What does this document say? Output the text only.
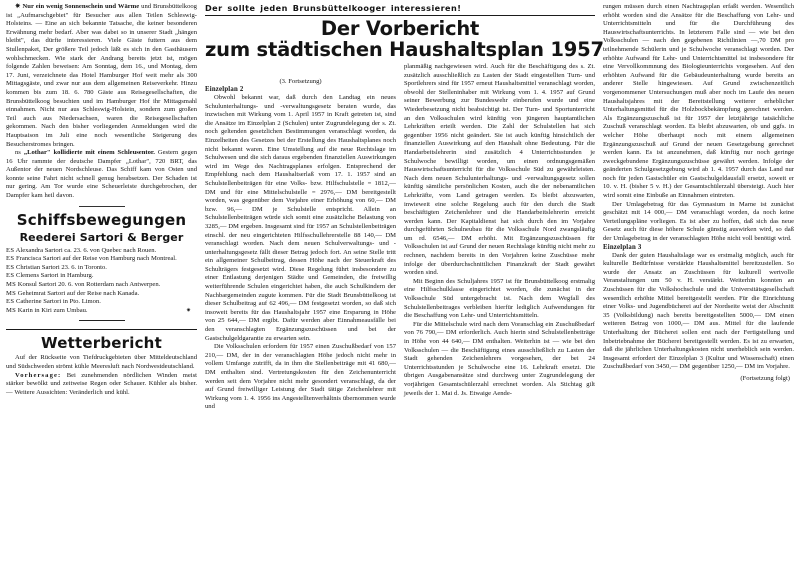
✷ Nur ein wenig Sonnenschein und Wärme und Brunsbüttelkoog ist „Aufmarschgebiet" für Besucher aus allen Teilen Schleswig-Holsteins. — Eine an sich bekannte Tatsache, die keiner besonderen Erwähnung mehr bedarf. Aber was dabei so in unserer Stadt „hängen bleibt", das dürfte interessieren. Viele Gäste futtern aus dem Stullenpaket, Der größere Teil jedoch läßt es sich in den Gasthäusern wohlschmecken. Wie stark der Andrang bereits jetzt ist, mögen folgende Zahlen beweisen: Am Sonntag, dem 16., und Montag, dem 17. Juni, verzeichnete das Hotel Hamburger Hof weit mehr als 300 Mittagsgäste, und zwar nur aus dem allgemeinen Reiseverkehr. Hinzu kommen bis zum 18. 6. 780 Gäste aus Reisegesellschaften, die Brunsbüttelkoog besuchten und im Hamburger Hof ihr Mittagsmahl einnahmen. Nicht nur aus Schleswig-Holstein, sondern zum großen Teil auch aus Niedersachsen, waren die Reisegesellschaften gekommen. Nach den bisher vorliegenden Anmeldungen wird die Hauptsaison im Juli eine noch wesentliche Steigerung des Besucherstromes bringen.

ns „Lothar" kollidierte mit einem Schleusentor. Gestern gegen 16 Uhr rammte der deutsche Dampfer „Lothar", 720 BRT, das Außentor der neuen Nordschleuse. Das Schiff kam von Osten und konnte seine Fahrt nicht schnell genug herabsetzen. Der Schaden ist nur gering. Am Tor wurde eine Scheuerleiste durchgebrochen, der Dampfer kam heil davon.

Schiffsbewegungen
Reederei Sartori & Berger
ES Alexandra Sartori ca. 23. 6. von Quebec nach Rouen.
ES Franciscа Sartori auf der Reise von Hamburg nach Montreal.
ES Christian Sartori 23. 6. in Toronto.
ES Clemens Sartori in Hamburg.
MS Konsul Sartori 20. 6. von Rotterdam nach Antwerpen.
MS Geheimrat Sartori auf der Reise nach Kanada.
ES Catherine Sartori in Pto. Limon.
MS Karin in Kiri zum Umbau.	✷
Wetterbericht

Auf der Rückseite von Tiefdruckgebieten über Mitteldeutschland und Südschweden strömt kühle Meeresluft nach Nordwestdeutschland.

Vorhersage: Bei zunehmenden nördlichen Winden meist stärker bewölkt und zeitweise Regen oder Schauer. Kühler als bisher. — Weitere Aussichten: Veränderlich und kühl.

(3. Fortsetzung)

Einzelplan 2

Obwohl bekannt war, daß durch den Landtag ein neues Schulunterhaltungs- und -verwaltungsgesetz beraten wurde, das inzwischen mit Wirkung vom 1. April 1957 in Kraft getreten ist, sind die Ansätze im Einzelplan 2 (Schulen) unter Zugrundelegung der s. Zt. noch geltenden gesetzlichen Bestimmungen veranschlagt worden, da Einzelheiten des Gesetzes bei der Erstellung des Haushaltsplanes noch nicht bekannt waren. Eine Umstellung auf die neue Rechtslage im Schulwesen und die sich daraus ergebenden finanziellen Auswirkungen wird im Wege des Nachtragsplanes erfolgen. Entsprechend der Empfehlung nach dem Haushaltserlaß vom 17. 1. 1957 sind an Schulstellenbeiträgen für eine Volks- bzw. Hilfschulstelle = 1812,— DM und für eine Mittelschulstelle = 2976,— DM bereitgestellt worden, was gegenüber dem Vorjahre einer Erhöhung von 60,— DM bzw. 96,— DM je Schulstelle entspricht. Allein an Schulstellenbeiträgen würde sich somit eine zusätzliche Belastung von 3285,— DM ergeben. Insgesamt sind für 1957 an Schulstellenbeiträgen einschl. der neu eingerichteten Hilfsschullehrerstelle 88 140,— DM veranschlagt worden. Nach dem neuen Schulverwaltungs- und -unterhaltungsgesetz fällt dieser Betrag jedoch fort. An seine Stelle tritt ein allgemeiner Schulbeitrag, dessen Höhe nach der Steuerkraft des Schulträgers festgesetzt wird. Diese Regelung führt insbesondere zu einer Entlastung derjenigen Städte und Gemeinden, die freiwillig weiterführende Schulen eingerichtet haben, die auch Schulkindern der Nachbargemeinden zugute kommen. Für die Stadt Brunsbüttelkoog ist dieser Schulbeitrag auf 62 496,— DM festgesetzt worden, so daß sich insoweit bereits für das Haushaltsjahr 1957 eine Ersparung in Höhe von 25 644,— DM ergibt. Dafür werden aber Einnahmeausfälle bei den veranschlagten Ergänzungszuschüssen und bei der Gastschulgeldgarantie zu erwarten sein.

Die Volksschulen erfordern für 1957 einen Zuschußbedarf von 157 210,— DM, der in der veranschlagten Höhe jedoch nicht mehr in vollem Umfange zutrifft, da in ihm die Stellenbeiträge mit 41 680,— DM enthalten sind. Vertretungskosten für den Zeichenunterricht werden seit dem Vorjahre nicht mehr gesondert veranschlagt, da der auf Grund freiwilliger Leistung der Stadt tätige Zeichenlehrer mit Wirkung vom 1. 4. 1956 ins Angestelltenverhältnis übernommen wurde und

planmäßig nachgewiesen wird. Auch für die Beschäftigung des s. Zt. zusätzlich ausschließlich zu Lasten der Stadt eingestellten Turn- und Sportlehrers sind für 1957 erneut Haushaltsmittel veranschlagt worden, obwohl der Stelleninhaber mit Wirkung vom 1. 4. 1957 auf Grund seiner Bewerbung zur Bundeswehr einberufen wurde und eine Wiederbesetzung nicht beabsichtigt ist. Der Turn- und Sportunterricht an den Volksschulen wird künftig von jüngeren hauptamtlichen Lehrkräften erteilt werden. Die Zahl der Schulstellen hat sich gegenüber 1956 nicht geändert. Sie ist auch künftig hinsichtlich der finanziellen Auswirkung auf den Haushalt ohne Bedeutung. Für die Handarbeitslehrerin sind zusätzlich 4 Unterrichtsstunden je Schulwoche bewilligt worden, um einen ordnungsgemäßen Hauswirtschaftsunterricht für die Volksschule Süd zu gewährleisten. Nach dem neuen Schulunterhaltungs- und -verwaltungsgesetz sollen künftig sämtliche persönlichen Kosten, auch die der nebenamtlichen Lehrkräfte, vom Land getragen werden. Es bleibt abzuwarten, inwieweit eine solche Regelung auch für den durch die Stadt beschäftigten Zeichenlehrer und die Handarbeitslehrerin erreicht werden kann. Der Kapitaldienst hat sich durch den im Vorjahre durchgeführten Schulneubau für die Volksschule Nord zwangsläufig um rd. 6546,— DM erhöht. Mit Ergänzungszuschüssen für Volksschulen ist auf Grund der neuen Rechtslage künftig nicht mehr zu rechnen, nachdem bereits in den Vorjahren keine Zuschüsse mehr infolge der überdurchschnittlichen Finanzkraft der Stadt gewährt worden sind.

Mit Beginn des Schuljahres 1957 ist für Brunsbüttelkoog erstmalig eine Hilfsschulklasse eingerichtet worden, die zunächst in der Volksschule Süd untergebracht ist. Nach dem Wegfall des Schulstellenbeitrages verbleiben hierfür lediglich Aufwendungen für die Beschaffung von Lehr- und Unterrichtsmitteln.

Für die Mittelschule wird nach dem Voranschlag ein Zuschußbedarf von 76 790,— DM erforderlich. Auch hierin sind Schulstellenbeiträge in Höhe von 44 640,— DM enthalten. Weiterhin ist — wie bei den Volksschulen — die Beschäftigung eines ausschließlich zu Lasten der Stadt gehenden Zeichenlehrers vorgesehen, der bei 24 Unterrichtsstunden je Schulwoche eine 16. Lehrkraft ersetzt. Die übrigen Ausgabenansätze sind durchweg unter Zugrundelegung der vorjährigen Gesamtschülerzahl errechnet worden. Als Stichtag gilt jeweils der 1. Mai d. Js. Etwaige Aende-

rungen müssen durch einen Nachtragsplan erfaßt werden. Wesentlich erhöht worden sind die Ansätze für die Beschaffung von Lehr- und Unterrichtsmitteln und für die Durchführung des Hauswirtschaftsunterrichts. In letzterem Falle sind — wie bei den Volksschulen — nach den gegebenen Richtlinien —,70 DM pro teilnehmende Schülerin und je Schulwoche veranschlagt worden. Der erhöhte Aufwand für Lehr- und Unterrichtsmittel ist insbesondere für eine Vervollkommnung des Biologieunterrichts vorgesehen. Auf den erhöhten Aufwand für die Gebäudeunterhaltung wurde bereits an anderer Stelle hingewiesen. Auf Grund zwischenzeitlich vorgenommener Untersuchungen muß aber noch im Laufe des neuen Haushaltsjahres mit der Bereitstellung weiterer erheblicher Unterhaltungsmittel für die Holzbockbekämpfung gerechnet werden. Als Ergänzungszuschuß ist für 1957 der letztjährige tatsächliche Zuschuß veranschlagt worden. Es bleibt abzuwarten, ob und ggfs. in welcher Höhe überhaupt noch mit einem allgemeinen Ergänzungszuschuß auf Grund der neuen Gesetzgebung gerechnet werden kann. Es ist anzunehmen, daß künftig nur noch geringe zweckgebundene Ergänzungszuschüsse gewährt werden. Infolge der geänderten Schulgesetzgebung wird ab 1. 4. 1957 durch das Land nur noch für jeden Gastschüler ein Gastschulgeldausfall ersetzt, soweit er 10. v. H. (bisher 5 v. H.) der Gesamtschülerzahl übersteigt. Auch hier wird somit eine Einbuße an Einnahmen eintreten.

Der Umlagebetrag für das Gymnasium in Marne ist zunächst geschätzt mit 14 000,— DM veranschlagt worden, da noch keine Verteilungspläne vorliegen. Es ist aber zu hoffen, daß sich das neue Gesetz auch für diese höhere Schule günstig auswirken wird, so daß der Umlagebetrag in der veranschlagten Höhe nicht voll benötigt wird.

Einzelplan 3

Dank der guten Haushaltslage war es erstmalig möglich, auch für kulturelle Bedürfnisse verstärkte Haushaltsmittel bereitzustellen. So wurde der Ansatz an Zuschüssen für kulturell wertvolle Veranstaltungen um 50 v. H. verstärkt. Weiterhin konnten an Zuschüssen für die Volkshochschule und die Universitätsgesellschaft wesentlich erhöhte Mittel bereitgestellt werden. Für die Einrichtung einer Volks- und Jugendbücherei auf der Nordseite weist der Abschnitt 35 (Volksbildung) nach bereits bereitgestellten 5000,— DM einen weiteren Betrag von 1000,— DM aus. Mittel für die laufende Unterhaltung der Bücherei sollen erst nach der Fertigstellung und Inbetriebnahme der Bücherei bereitgestellt werden. Es ist zu erwarten, daß die jährlichen Unterhaltungskosten nicht unerheblich sein werden. Insgesamt erfordert der Einzelplan 3 (Kultur und Wissenschaft) einen Zuschußbedarf von 3450,— DM gegenüber 1250,— DM im Vorjahre.

(Fortsetzung folgt)

Der sollte jeden Brunsbüttelkooger interessieren!
Der Vorbericht
zum städtischen Haushaltsplan 1957
